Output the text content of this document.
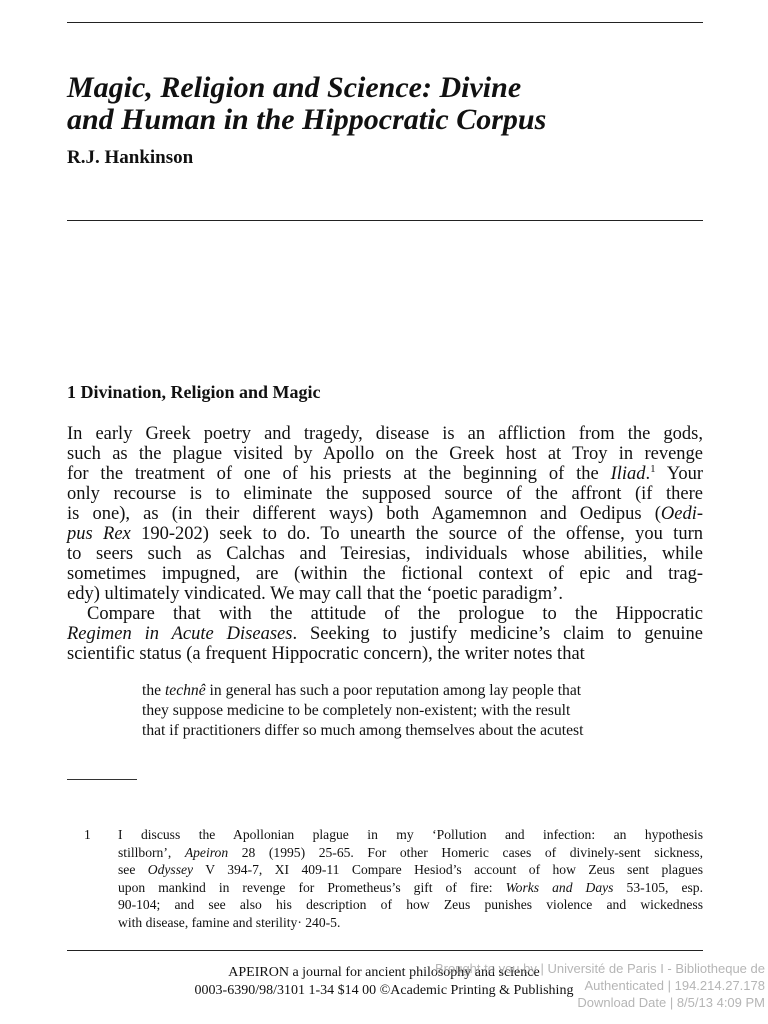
Magic, Religion and Science: Divine
and Human in the Hippocratic Corpus
R.J. Hankinson
1 Divination, Religion and Magic
In early Greek poetry and tragedy, disease is an affliction from the gods,
such as the plague visited by Apollo on the Greek host at Troy in revenge
for the treatment of one of his priests at the beginning of the Iliad.$^1$ Your
only recourse is to eliminate the supposed source of the affront (if there
is one), as (in their different ways) both Agamemnon and Oedipus (Oedi-
pus Rex 190-202) seek to do. To unearth the source of the offense, you turn
to seers such as Calchas and Teiresias, individuals whose abilities, while
sometimes impugned, are (within the fictional context of epic and trag-
edy) ultimately vindicated. We may call that the ‘poetic paradigm’.
Compare that with the attitude of the prologue to the Hippocratic
Regimen in Acute Diseases. Seeking to justify medicine’s claim to genuine
scientific status (a frequent Hippocratic concern), the writer notes that
the technê in general has such a poor reputation among lay people that
they suppose medicine to be completely non-existent; with the result
that if practitioners differ so much among themselves about the acutest
1 I discuss the Apollonian plague in my ‘Pollution and infection: an hypothesis
stillborn’, Apeiron 28 (1995) 25-65. For other Homeric cases of divinely-sent sickness,
see Odyssey V 394-7, XI 409-11 Compare Hesiod’s account of how Zeus sent plagues
upon mankind in revenge for Prometheus’s gift of fire: Works and Days 53-105, esp.
90-104; and see also his description of how Zeus punishes violence and wickedness
with disease, famine and sterility· 240-5.
APEIRON a journal for ancient philosophy and science
0003-6390/98/3101 1-34 $14 00 ©Academic Printing & Publishing
Brought to you by | Université de Paris I - Bibliotheque de
Authenticated | 194.214.27.178
Download Date | 8/5/13 4:09 PM
